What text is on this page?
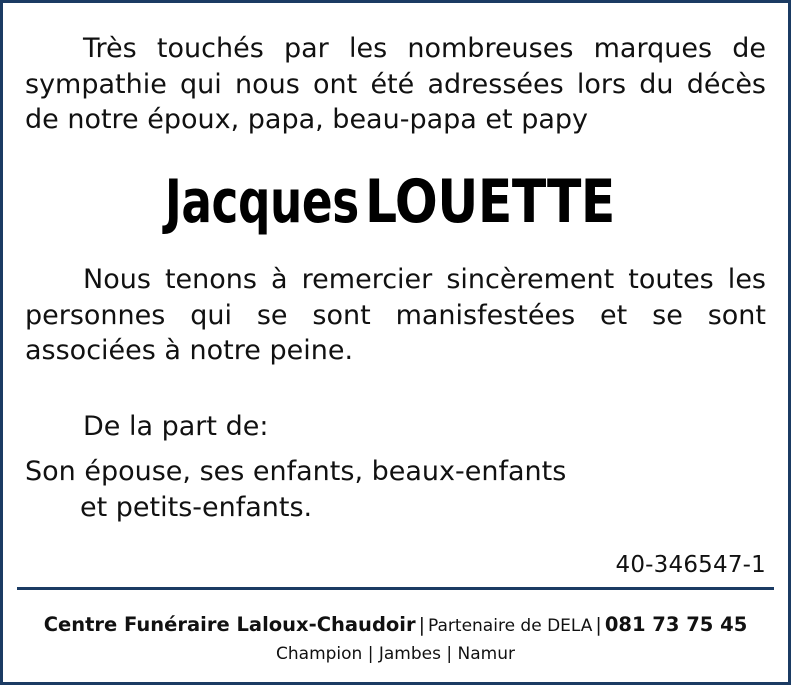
Très touchés par les nombreuses marques de sympathie qui nous ont été adressées lors du décès de notre époux, papa, beau-papa et papy

Jacques LOUETTE

Nous tenons à remercier sincèrement toutes les personnes qui se sont manisfestées et se sont associées à notre peine.

De la part de:

Son épouse, ses enfants, beaux-enfants
et petits-enfants.

40-346547-1
Centre Funéraire Laloux-Chaudoir | Partenaire de DELA | 081 73 75 45
Champion | Jambes | Namur
